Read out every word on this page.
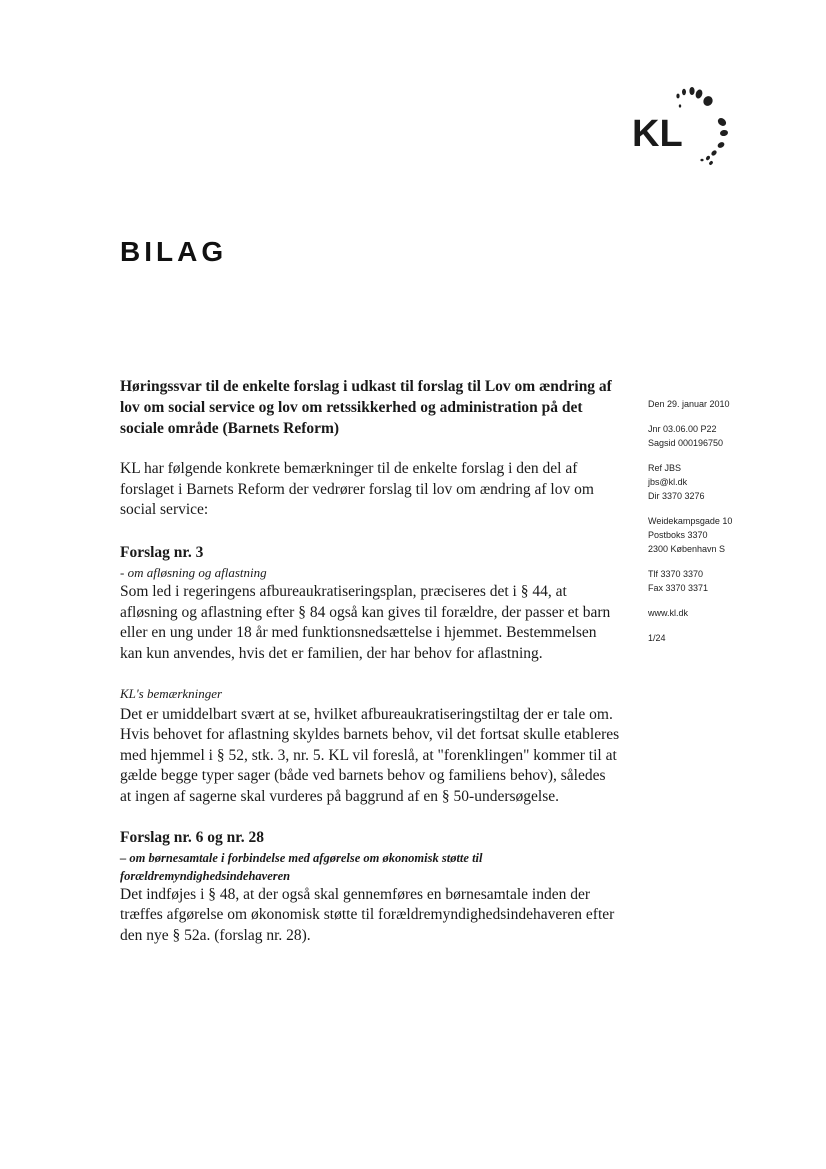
KL
BILAG
Høringssvar til de enkelte forslag i udkast til forslag til Lov om ændring af lov om social service og lov om retssikkerhed og administration på det sociale område (Barnets Reform)

KL har følgende konkrete bemærkninger til de enkelte forslag i den del af forslaget i Barnets Reform der vedrører forslag til lov om ændring af lov om social service:

Forslag nr. 3

- om afløsning og aflastning

Som led i regeringens afbureaukratiseringsplan, præciseres det i § 44, at afløsning og aflastning efter § 84 også kan gives til forældre, der passer et barn eller en ung under 18 år med funktionsnedsættelse i hjemmet. Bestemmelsen kan kun anvendes, hvis det er familien, der har behov for aflastning.

KL's bemærkninger

Det er umiddelbart svært at se, hvilket afbureaukratiseringstiltag der er tale om. Hvis behovet for aflastning skyldes barnets behov, vil det fortsat skulle etableres med hjemmel i § 52, stk. 3, nr. 5. KL vil foreslå, at "forenklingen" kommer til at gælde begge typer sager (både ved barnets behov og familiens behov), således at ingen af sagerne skal vurderes på baggrund af en § 50-undersøgelse.

Forslag nr. 6 og nr. 28

– om børnesamtale i forbindelse med afgørelse om økonomisk støtte til forældremyndighedsindehaveren

Det indføjes i § 48, at der også skal gennemføres en børnesamtale inden der træffes afgørelse om økonomisk støtte til forældremyndighedsindehaveren efter den nye § 52a. (forslag nr. 28).

Den 29. januar 2010
Jnr 03.06.00 P22
Sagsid 000196750
Ref JBS
jbs@kl.dk
Dir 3370 3276
Weidekampsgade 10
Postboks 3370
2300 København S
Tlf 3370 3370
Fax 3370 3371
www.kl.dk
1/24
